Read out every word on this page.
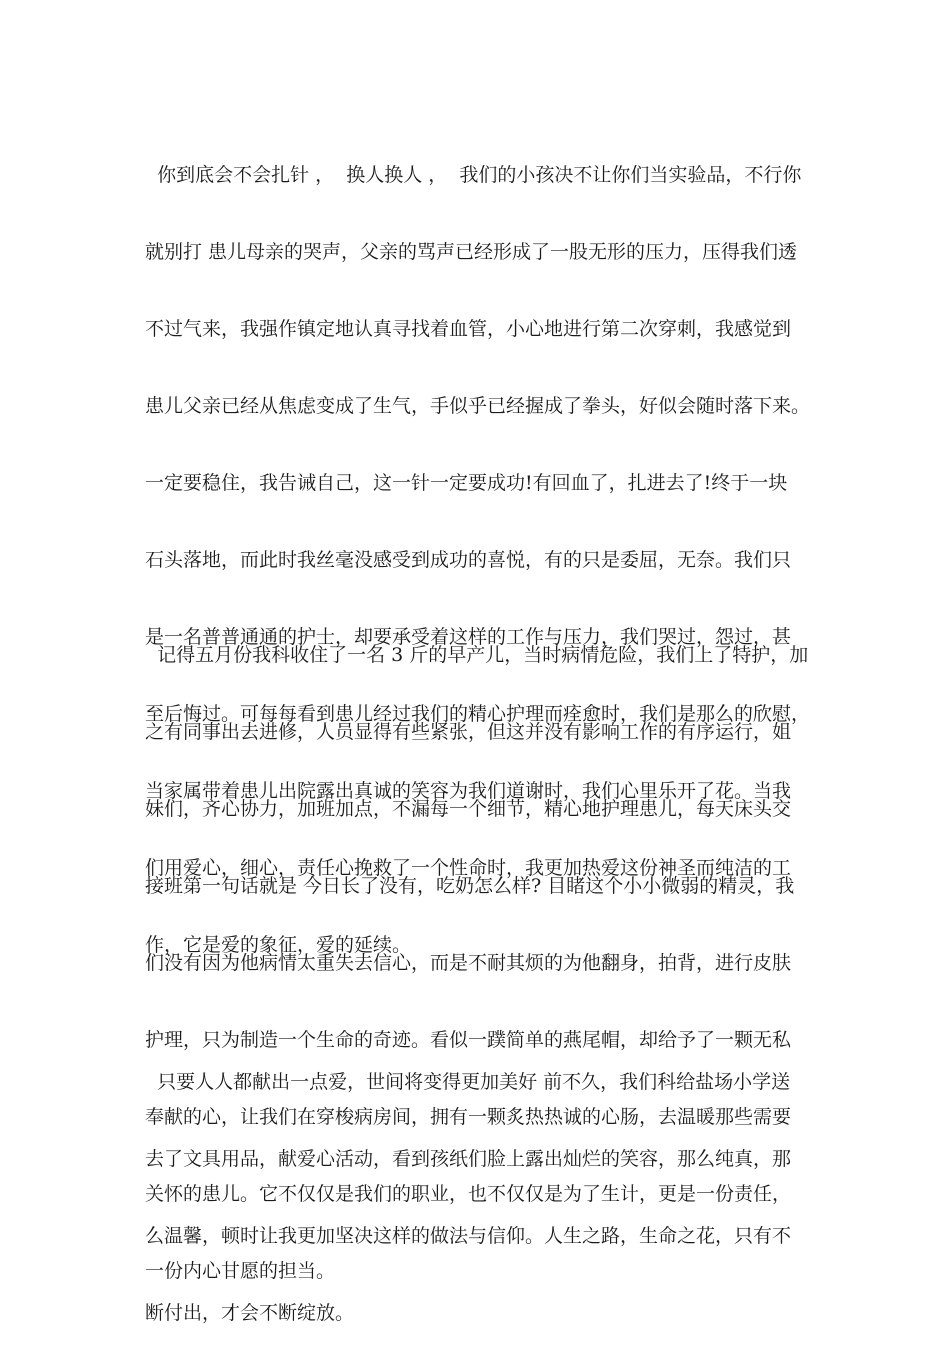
你到底会不会扎针 ，  换人换人 ，  我们的小孩决不让你们当实验品，不行你

就别打 患儿母亲的哭声，父亲的骂声已经形成了一股无形的压力，压得我们透

不过气来，我强作镇定地认真寻找着血管，小心地进行第二次穿刺，我感觉到

患儿父亲已经从焦虑变成了生气，手似乎已经握成了拳头，好似会随时落下来。

一定要稳住，我告诫自己，这一针一定要成功!有回血了，扎进去了!终于一块

石头落地，而此时我丝毫没感受到成功的喜悦，有的只是委屈，无奈。我们只

是一名普普通通的护士，却要承受着这样的工作与压力，我们哭过，怨过，甚

至后悔过。可每每看到患儿经过我们的精心护理而痊愈时，我们是那么的欣慰，

当家属带着患儿出院露出真诚的笑容为我们道谢时，我们心里乐开了花。当我

们用爱心，细心，责任心挽救了一个性命时，我更加热爱这份神圣而纯洁的工

作，它是爱的象征，爱的延续。

记得五月份我科收住了一名 3 斤的早产儿，当时病情危险，我们上了特护，加

之有同事出去进修，人员显得有些紧张，但这并没有影响工作的有序运行，姐

妹们，齐心协力，加班加点，不漏每一个细节，精心地护理患儿，每天床头交

接班第一句话就是 今日长了没有，吃奶怎么样? 目睹这个小小微弱的精灵，我

们没有因为他病情太重失去信心，而是不耐其烦的为他翻身，拍背，进行皮肤

护理，只为制造一个生命的奇迹。看似一蹼简单的燕尾帽，却给予了一颗无私

奉献的心，让我们在穿梭病房间，拥有一颗炙热热诚的心肠，去温暖那些需要

关怀的患儿。它不仅仅是我们的职业，也不仅仅是为了生计，更是一份责任，

一份内心甘愿的担当。

只要人人都献出一点爱，世间将变得更加美好 前不久，我们科给盐场小学送

去了文具用品，献爱心活动，看到孩纸们脸上露出灿烂的笑容，那么纯真，那

么温馨，顿时让我更加坚决这样的做法与信仰。人生之路，生命之花，只有不

断付出，才会不断绽放。
